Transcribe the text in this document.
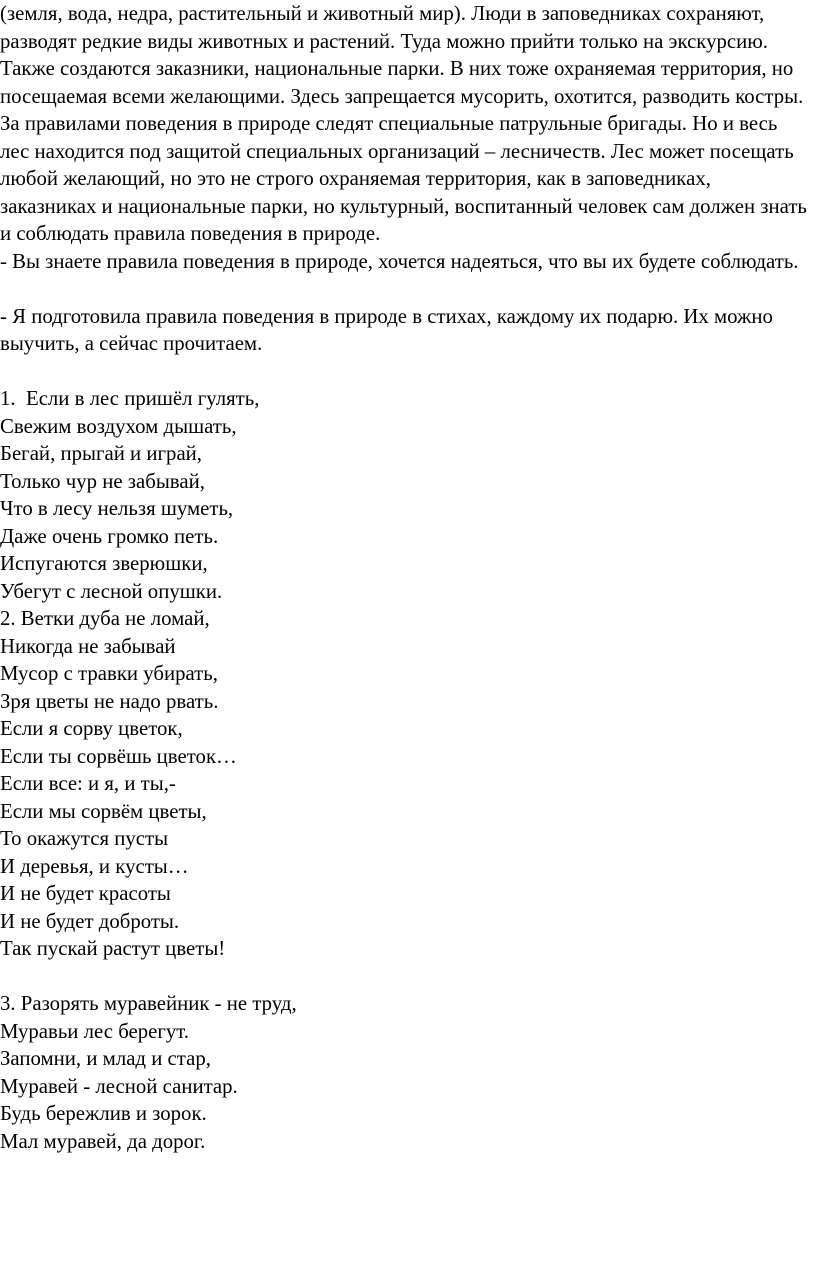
(земля, вода, недра, растительный и животный мир). Люди в заповедниках сохраняют, разводят редкие виды животных и растений. Туда можно прийти только на экскурсию. Также создаются заказники, национальные парки. В них тоже охраняемая территория, но посещаемая всеми желающими. Здесь запрещается мусорить, охотится, разводить костры. За правилами поведения в природе следят специальные патрульные бригады. Но и весь лес находится под защитой специальных организаций – лесничеств. Лес может посещать любой желающий, но это не строго охраняемая территория, как в заповедниках, заказниках и национальные парки, но культурный, воспитанный человек сам должен знать и соблюдать правила поведения в природе.

- Вы знаете правила поведения в природе, хочется надеяться, что вы их будете соблюдать.

- Я подготовила правила поведения в природе в стихах, каждому их подарю. Их можно выучить, а сейчас прочитаем.

1.  Если в лес пришёл гулять,
Свежим воздухом дышать,
Бегай, прыгай и играй,
Только чур не забывай,
Что в лесу нельзя шуметь,
Даже очень громко петь.
Испугаются зверюшки,
Убегут с лесной опушки.
2. Ветки дуба не ломай,
Никогда не забывай
Мусор с травки убирать,
Зря цветы не надо рвать.
Если я сорву цветок,
Если ты сорвёшь цветок…
Если все: и я, и ты,-
Если мы сорвём цветы,
То окажутся пусты
И деревья, и кусты…
И не будет красоты
И не будет доброты.
Так пускай растут цветы!
3. Разорять муравейник - не труд,
Муравьи лес берегут.
Запомни, и млад и стар,
Муравей - лесной санитар.
Будь бережлив и зорок.
Мал муравей, да дорог.
